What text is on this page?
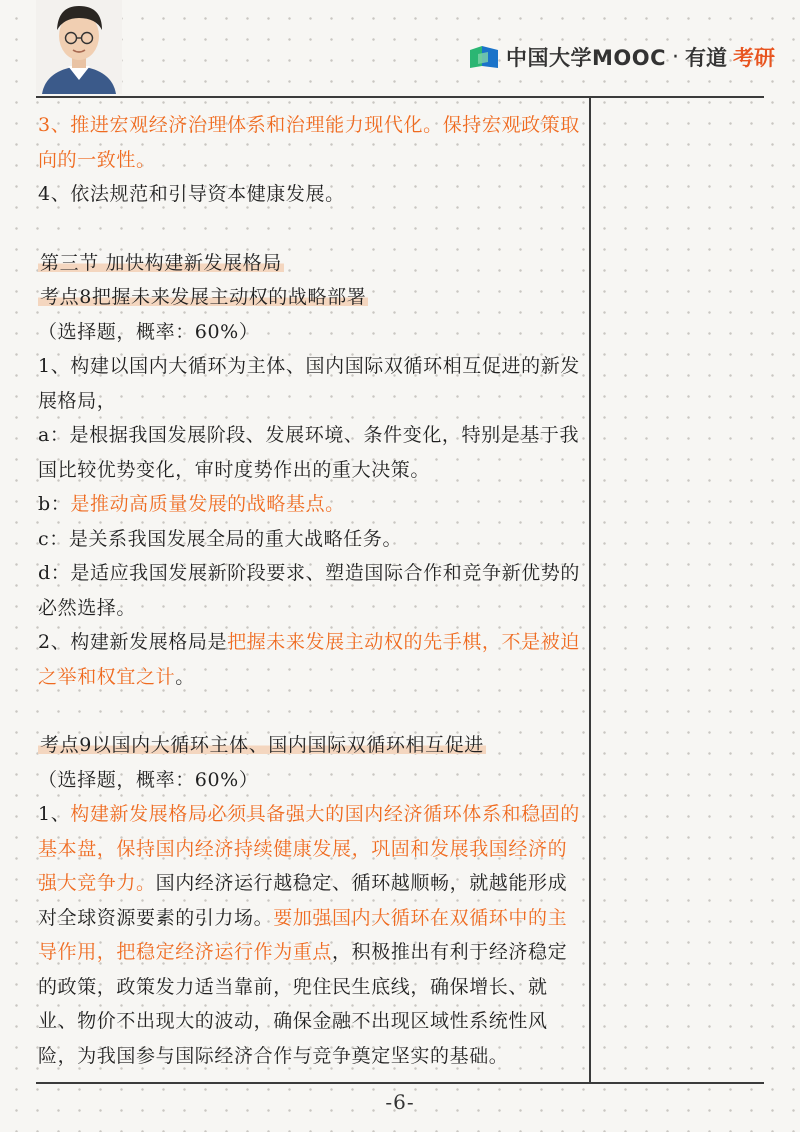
中国大学MOOC · 有道 考研

3、推进宏观经济治理体系和治理能力现代化。保持宏观政策取向的一致性。

4、依法规范和引导资本健康发展。

第三节 加快构建新发展格局

考点8把握未来发展主动权的战略部署

（选择题，概率：60%）

1、构建以国内大循环为主体、国内国际双循环相互促进的新发展格局，

a：是根据我国发展阶段、发展环境、条件变化，特别是基于我国比较优势变化，审时度势作出的重大决策。

b：是推动高质量发展的战略基点。

c：是关系我国发展全局的重大战略任务。

d：是适应我国发展新阶段要求、塑造国际合作和竞争新优势的必然选择。

2、构建新发展格局是把握未来发展主动权的先手棋，不是被迫之举和权宜之计。

考点9以国内大循环主体、国内国际双循环相互促进

（选择题，概率：60%）

1、构建新发展格局必须具备强大的国内经济循环体系和稳固的基本盘，保持国内经济持续健康发展，巩固和发展我国经济的强大竞争力。国内经济运行越稳定、循环越顺畅，就越能形成对全球资源要素的引力场。要加强国内大循环在双循环中的主导作用，把稳定经济运行作为重点，积极推出有利于经济稳定的政策，政策发力适当靠前，兜住民生底线，确保增长、就业、物价不出现大的波动，确保金融不出现区域性系统性风险，为我国参与国际经济合作与竞争奠定坚实的基础。

-6-
